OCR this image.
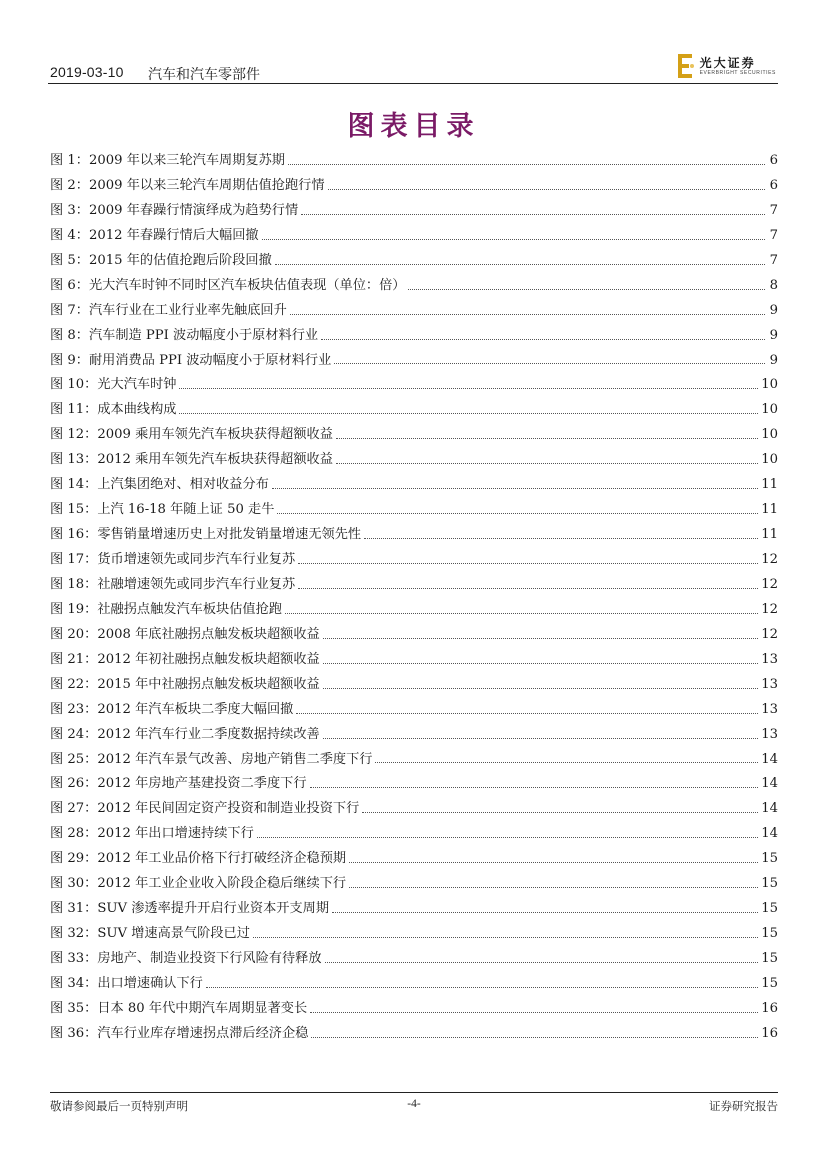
2019-03-10 汽车和汽车零部件
光大证券
EVERBRIGHT SECURITIES
图表目录
图 1：2009 年以来三轮汽车周期复苏期	6
图 2：2009 年以来三轮汽车周期估值抢跑行情	6
图 3：2009 年春躁行情演绎成为趋势行情	7
图 4：2012 年春躁行情后大幅回撤	7
图 5：2015 年的估值抢跑后阶段回撤	7
图 6：光大汽车时钟不同时区汽车板块估值表现（单位：倍）	8
图 7：汽车行业在工业行业率先触底回升	9
图 8：汽车制造 PPI 波动幅度小于原材料行业	9
图 9：耐用消费品 PPI 波动幅度小于原材料行业	9
图 10：光大汽车时钟	10
图 11：成本曲线构成	10
图 12：2009 乘用车领先汽车板块获得超额收益	10
图 13：2012 乘用车领先汽车板块获得超额收益	10
图 14：上汽集团绝对、相对收益分布	11
图 15：上汽 16-18 年随上证 50 走牛	11
图 16：零售销量增速历史上对批发销量增速无领先性	11
图 17：货币增速领先或同步汽车行业复苏	12
图 18：社融增速领先或同步汽车行业复苏	12
图 19：社融拐点触发汽车板块估值抢跑	12
图 20：2008 年底社融拐点触发板块超额收益	12
图 21：2012 年初社融拐点触发板块超额收益	13
图 22：2015 年中社融拐点触发板块超额收益	13
图 23：2012 年汽车板块二季度大幅回撤	13
图 24：2012 年汽车行业二季度数据持续改善	13
图 25：2012 年汽车景气改善、房地产销售二季度下行	14
图 26：2012 年房地产基建投资二季度下行	14
图 27：2012 年民间固定资产投资和制造业投资下行	14
图 28：2012 年出口增速持续下行	14
图 29：2012 年工业品价格下行打破经济企稳预期	15
图 30：2012 年工业企业收入阶段企稳后继续下行	15
图 31：SUV 渗透率提升开启行业资本开支周期	15
图 32：SUV 增速高景气阶段已过	15
图 33：房地产、制造业投资下行风险有待释放	15
图 34：出口增速确认下行	15
图 35：日本 80 年代中期汽车周期显著变长	16
图 36：汽车行业库存增速拐点滞后经济企稳	16
敬请参阅最后一页特别声明	-4-	证券研究报告
